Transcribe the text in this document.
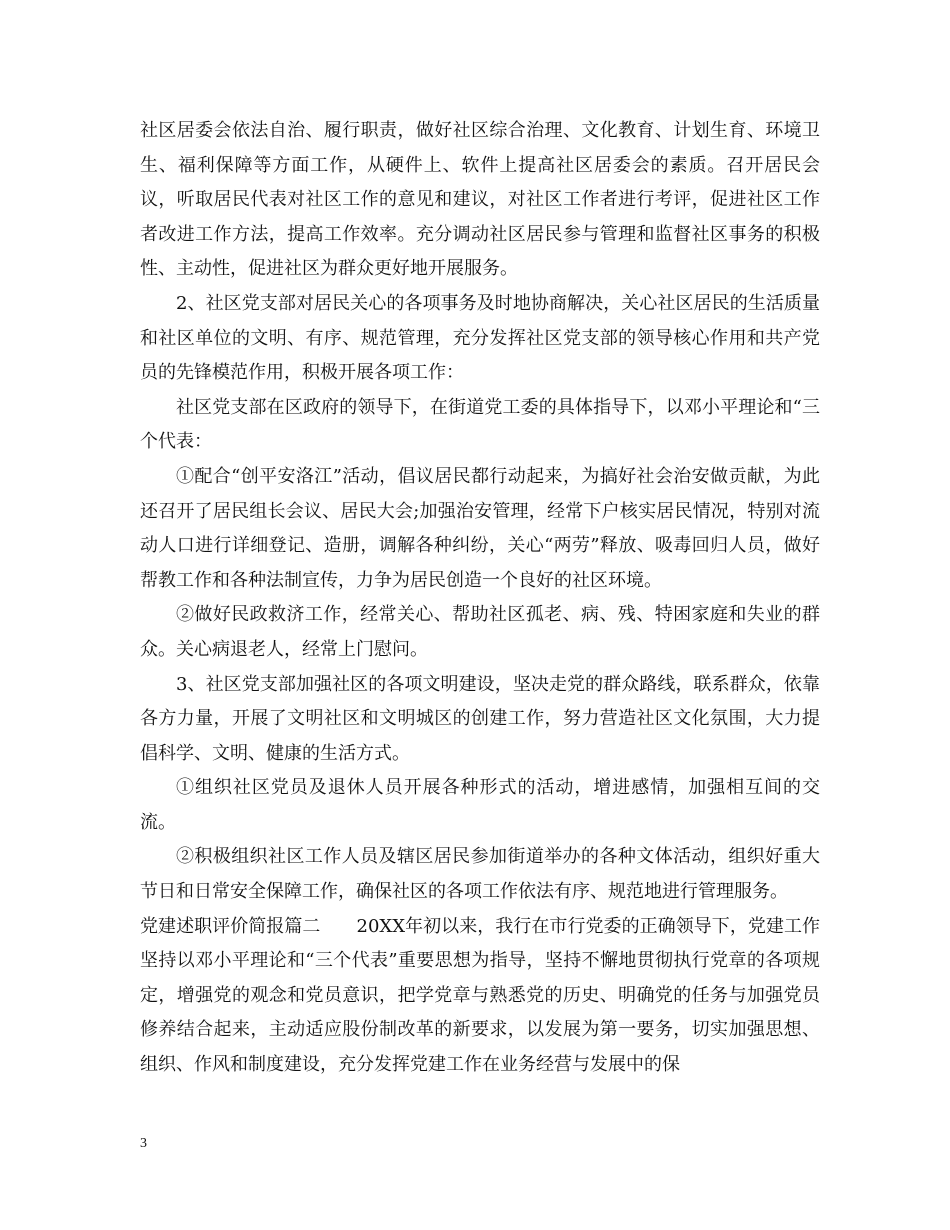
社区居委会依法自治、履行职责，做好社区综合治理、文化教育、计划生育、环境卫生、福利保障等方面工作，从硬件上、软件上提高社区居委会的素质。召开居民会议，听取居民代表对社区工作的意见和建议，对社区工作者进行考评，促进社区工作者改进工作方法，提高工作效率。充分调动社区居民参与管理和监督社区事务的积极性、主动性，促进社区为群众更好地开展服务。

2、社区党支部对居民关心的各项事务及时地协商解决，关心社区居民的生活质量和社区单位的文明、有序、规范管理，充分发挥社区党支部的领导核心作用和共产党员的先锋模范作用，积极开展各项工作：

社区党支部在区政府的领导下，在街道党工委的具体指导下，以邓小平理论和“三个代表：

①配合“创平安洛江”活动，倡议居民都行动起来，为搞好社会治安做贡献，为此还召开了居民组长会议、居民大会;加强治安管理，经常下户核实居民情况，特别对流动人口进行详细登记、造册，调解各种纠纷，关心“两劳”释放、吸毒回归人员，做好帮教工作和各种法制宣传，力争为居民创造一个良好的社区环境。

②做好民政救济工作，经常关心、帮助社区孤老、病、残、特困家庭和失业的群众。关心病退老人，经常上门慰问。

3、社区党支部加强社区的各项文明建设，坚决走党的群众路线，联系群众，依靠各方力量，开展了文明社区和文明城区的创建工作，努力营造社区文化氛围，大力提倡科学、文明、健康的生活方式。

①组织社区党员及退休人员开展各种形式的活动，增进感情，加强相互间的交流。

②积极组织社区工作人员及辖区居民参加街道举办的各种文体活动，组织好重大节日和日常安全保障工作，确保社区的各项工作依法有序、规范地进行管理服务。

党建述职评价简报篇二　　20XX年初以来，我行在市行党委的正确领导下，党建工作坚持以邓小平理论和“三个代表”重要思想为指导，坚持不懈地贯彻执行党章的各项规定，增强党的观念和党员意识，把学党章与熟悉党的历史、明确党的任务与加强党员修养结合起来，主动适应股份制改革的新要求，以发展为第一要务，切实加强思想、组织、作风和制度建设，充分发挥党建工作在业务经营与发展中的保

3
